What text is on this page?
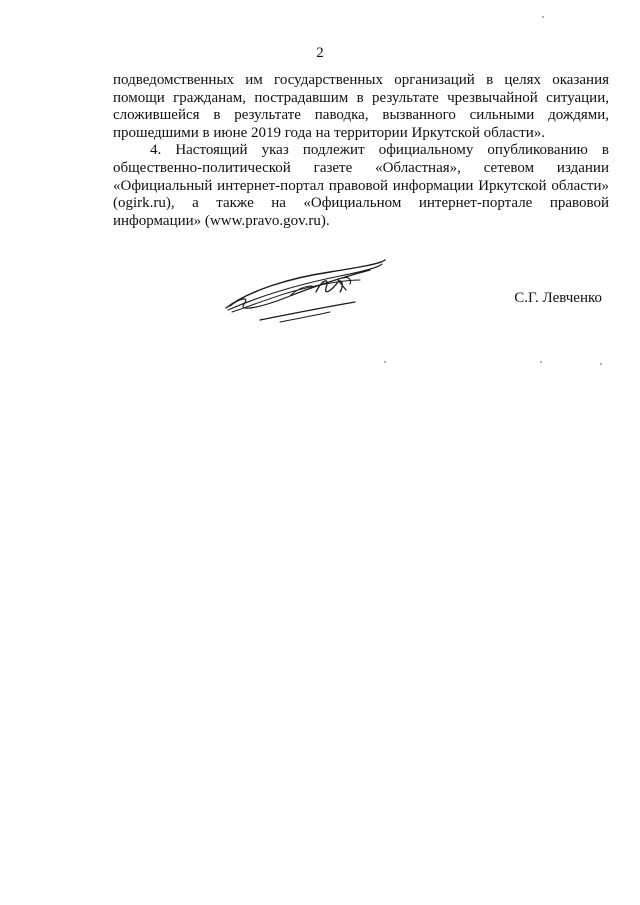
2

подведомственных им государственных организаций в целях оказания помощи гражданам, пострадавшим в результате чрезвычайной ситуации, сложившейся в результате паводка, вызванного сильными дождями, прошедшими в июне 2019 года на территории Иркутской области».

4. Настоящий указ подлежит официальному опубликованию в общественно-политической газете «Областная», сетевом издании «Официальный интернет-портал правовой информации Иркутской области» (ogirk.ru), а также на «Официальном интернет-портале правовой информации» (www.pravo.gov.ru).

С.Г. Левченко
